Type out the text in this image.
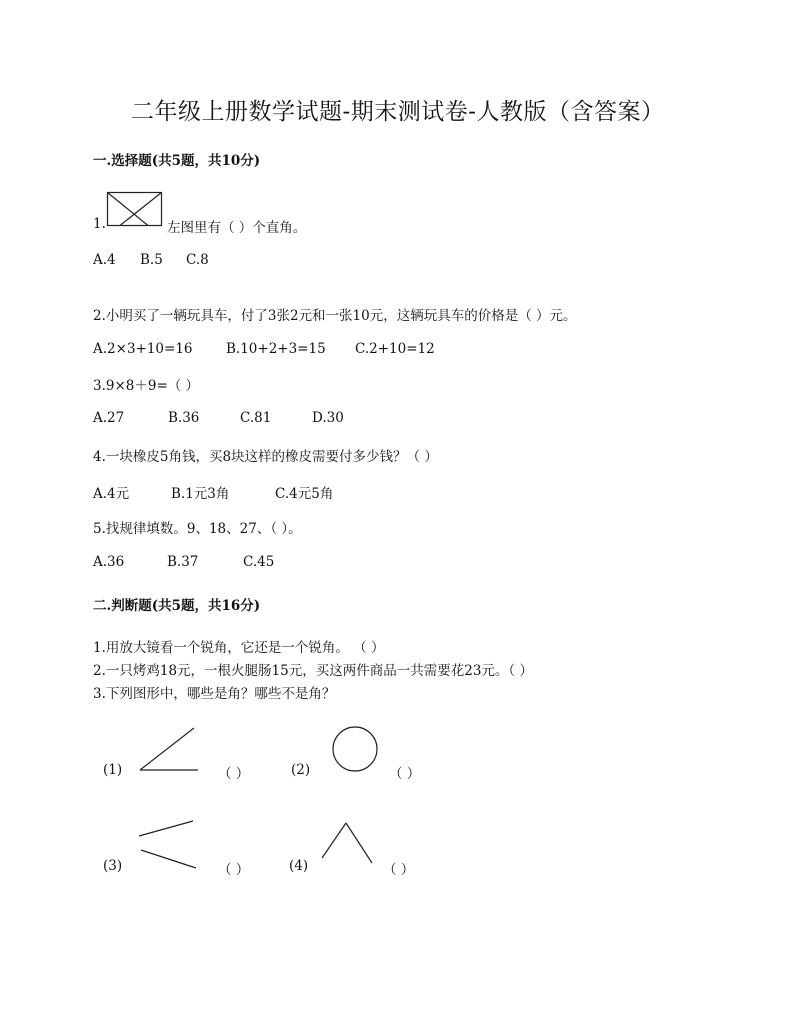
二年级上册数学试题-期末测试卷-人教版（含答案）
一.选择题(共5题，共10分)
1.	左图里有（ ）个直角。
A.4 B.5 C.8
2.小明买了一辆玩具车，付了3张2元和一张10元，这辆玩具车的价格是（ ）元。
A.2×3+10=16 B.10+2+3=15 C.2+10=12
3.9×8＋9=（ ）
A.27	B.36	C.81	D.30
4.一块橡皮5角钱，买8块这样的橡皮需要付多少钱？（ ）
A.4元	B.1元3角	C.4元5角
5.找规律填数。9、18、27、（ ）。
A.36	B.37	C.45
二.判断题(共5题，共16分)
1.用放大镜看一个锐角，它还是一个锐角。 （ ）
2.一只烤鸡18元，一根火腿肠15元，买这两件商品一共需要花23元。（ ）
3.下列图形中，哪些是角？哪些不是角？
(1)	（ ）	(2)	（ ）
(3)	（ ）	(4)	（ ）
